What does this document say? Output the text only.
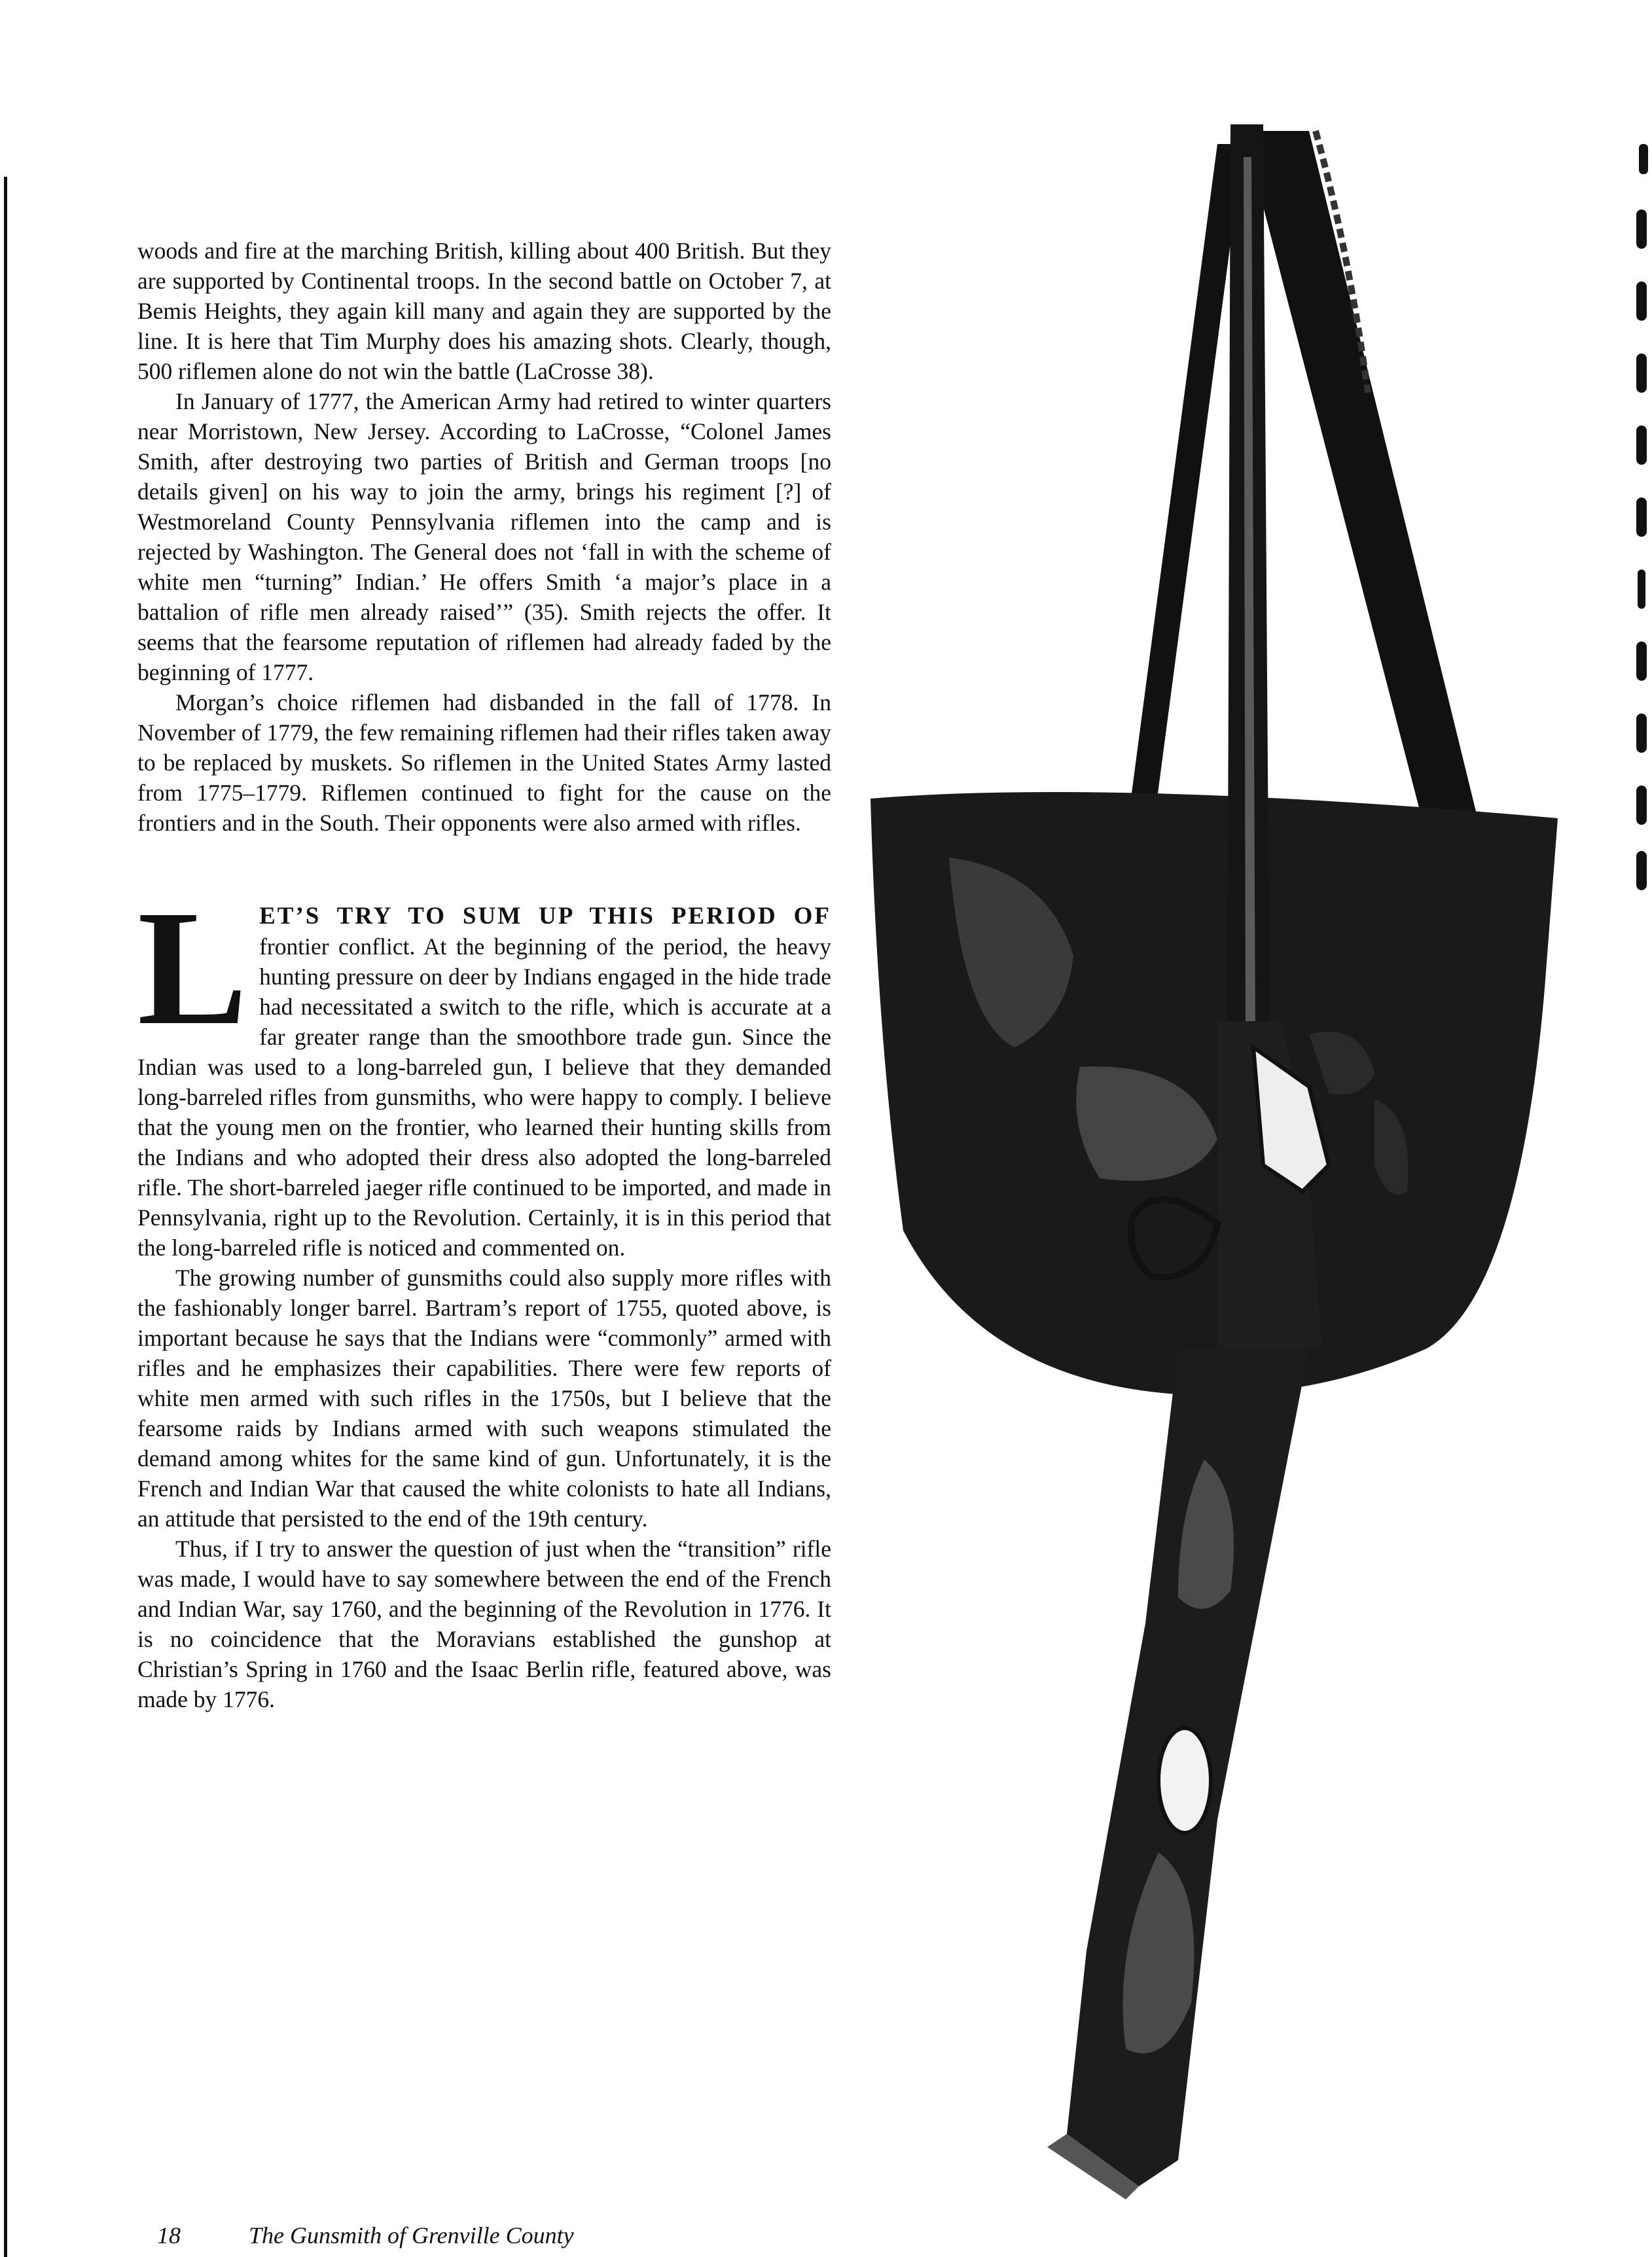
woods and fire at the marching British, killing about 400 British. But they are supported by Continental troops. In the second battle on October 7, at Bemis Heights, they again kill many and again they are supported by the line. It is here that Tim Murphy does his amazing shots. Clearly, though, 500 riflemen alone do not win the battle (LaCrosse 38).

In January of 1777, the American Army had retired to winter quarters near Morristown, New Jersey. According to LaCrosse, “Colonel James Smith, after destroying two parties of British and German troops [no details given] on his way to join the army, brings his regiment [?] of Westmoreland County Pennsylvania riflemen into the camp and is rejected by Washington. The General does not ‘fall in with the scheme of white men “turning” Indian.’ He offers Smith ‘a major’s place in a battalion of rifle men already raised’” (35). Smith rejects the offer. It seems that the fearsome reputation of riflemen had already faded by the beginning of 1777.

Morgan’s choice riflemen had disbanded in the fall of 1778. In November of 1779, the few remaining riflemen had their rifles taken away to be replaced by muskets. So riflemen in the United States Army lasted from 1775–1779. Riflemen continued to fight for the cause on the frontiers and in the South. Their opponents were also armed with rifles.

LET’S TRY TO SUM UP THIS PERIOD OF frontier conflict. At the beginning of the period, the heavy hunting pressure on deer by Indians engaged in the hide trade had necessitated a switch to the rifle, which is accurate at a far greater range than the smoothbore trade gun. Since the Indian was used to a long-barreled gun, I believe that they demanded long-barreled rifles from gunsmiths, who were happy to comply. I believe that the young men on the frontier, who learned their hunting skills from the Indians and who adopted their dress also adopted the long-barreled rifle. The short-barreled jaeger rifle continued to be imported, and made in Pennsylvania, right up to the Revolution. Certainly, it is in this period that the long-barreled rifle is noticed and commented on.

The growing number of gunsmiths could also supply more rifles with the fashionably longer barrel. Bartram’s report of 1755, quoted above, is important because he says that the Indians were “commonly” armed with rifles and he emphasizes their capabilities. There were few reports of white men armed with such rifles in the 1750s, but I believe that the fearsome raids by Indians armed with such weapons stimulated the demand among whites for the same kind of gun. Unfortunately, it is the French and Indian War that caused the white colonists to hate all Indians, an attitude that persisted to the end of the 19th century.

Thus, if I try to answer the question of just when the “transition” rifle was made, I would have to say somewhere between the end of the French and Indian War, say 1760, and the beginning of the Revolution in 1776. It is no coincidence that the Moravians established the gunshop at Christian’s Spring in 1760 and the Isaac Berlin rifle, featured above, was made by 1776.

18	The Gunsmith of Grenville County
